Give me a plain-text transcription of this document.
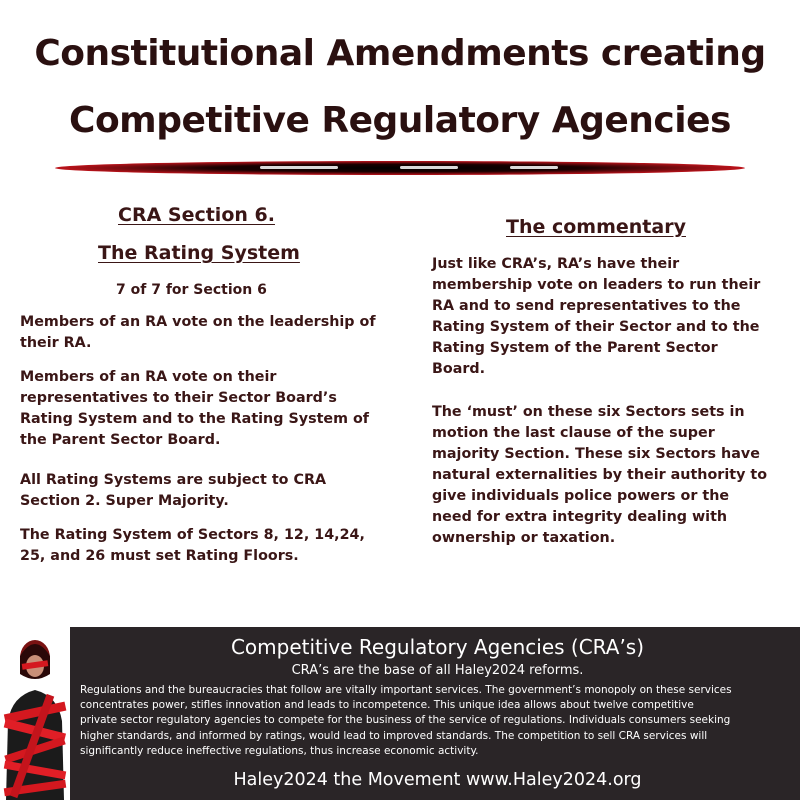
Constitutional Amendments creating
Competitive Regulatory Agencies
CRA Section 6.
The Rating System
7 of 7 for Section 6
Members of an RA vote on the leadership of
their RA.
Members of an RA vote on their
representatives to their Sector Board’s
Rating System and to the Rating System of
the Parent Sector Board.
All Rating Systems are subject to CRA
Section 2. Super Majority.
The Rating System of Sectors 8, 12, 14,24,
25, and 26 must set Rating Floors.
The commentary
Just like CRA’s, RA’s have their
membership vote on leaders to run their
RA and to send representatives to the
Rating System of their Sector and to the
Rating System of the Parent Sector
Board.
The ‘must’ on these six Sectors sets in
motion the last clause of the super
majority Section. These six Sectors have
natural externalities by their authority to
give individuals police powers or the
need for extra integrity dealing with
ownership or taxation.
Competitive Regulatory Agencies (CRA’s)
CRA’s are the base of all Haley2024 reforms.
Regulations and the bureaucracies that follow are vitally important services. The government’s monopoly on these services
concentrates power, stifles innovation and leads to incompetence. This unique idea allows about twelve competitive
private sector regulatory agencies to compete for the business of the service of regulations. Individuals consumers seeking
higher standards, and informed by ratings, would lead to improved standards. The competition to sell CRA services will
significantly reduce ineffective regulations, thus increase economic activity.
Haley2024 the Movement www.Haley2024.org
